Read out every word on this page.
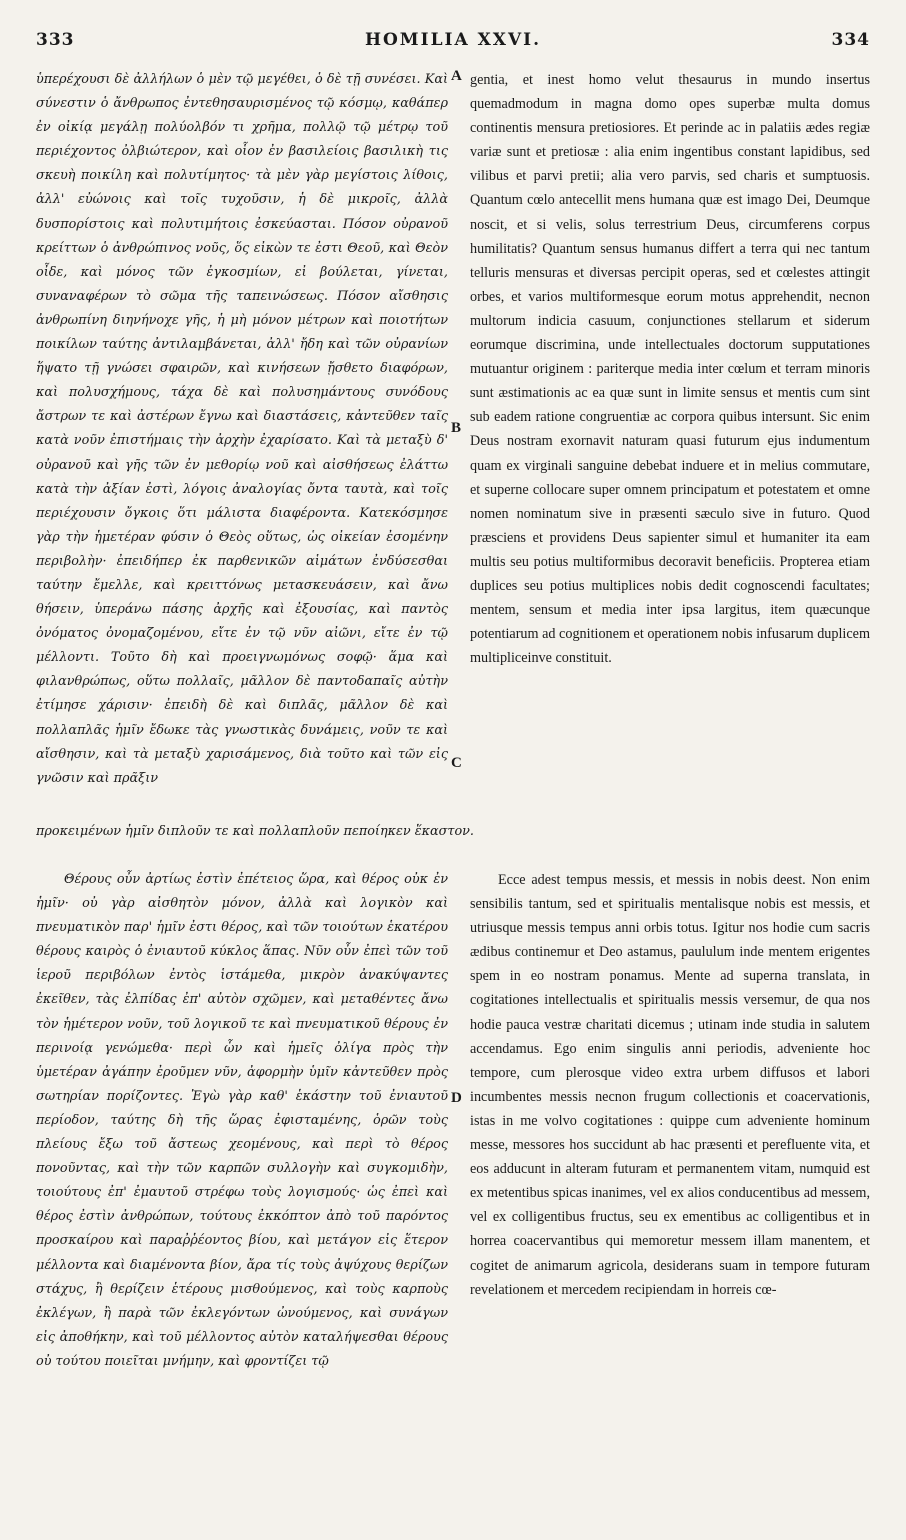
333	HOMILIA XXVI.	334

ὑπερέχουσι δὲ ἀλλήλων ὁ μὲν τῷ μεγέθει, ὁ δὲ τῇ συνέσει. Καὶ σύνεστιν ὁ ἄνθρωπος ἐντεθησαυρισμένος τῷ κόσμῳ, καθάπερ ἐν οἰκίᾳ μεγάλῃ πολύολβόν τι χρῆμα, πολλῷ τῷ μέτρῳ τοῦ περιέχοντος ὀλβιώτερον, καὶ οἷον ἐν βασιλείοις βασιλικὴ τις σκευὴ ποικίλη καὶ πολυτίμητος· τὰ μὲν γὰρ μεγίστοις λίθοις, ἀλλ' εὐώνοις καὶ τοῖς τυχοῦσιν, ἡ δὲ μικροῖς, ἀλλὰ δυσπορίστοις καὶ πολυτιμήτοις ἐσκεύασται. Πόσον οὐρανοῦ κρείττων ὁ ἀνθρώπινος νοῦς, ὅς εἰκὼν τε ἐστι Θεοῦ, καὶ Θεὸν οἶδε, καὶ μόνος τῶν ἐγκοσμίων, εἰ βούλεται, γίνεται, συναναφέρων τὸ σῶμα τῆς ταπεινώσεως. Πόσον αἴσθησις ἀνθρωπίνη διηνήνοχε γῆς, ἡ μὴ μόνον μέτρων καὶ ποιοτήτων ποικίλων ταύτης ἀντιλαμβάνεται, ἀλλ' ἤδη καὶ τῶν οὐρανίων ἥψατο τῇ γνώσει σφαιρῶν, καὶ κινήσεων ᾔσθετο διαφόρων, καὶ πολυσχήμους, τάχα δὲ καὶ πολυσημάντους συνόδους ἄστρων τε καὶ ἀστέρων ἔγνω καὶ διαστάσεις, κἀντεῦθεν ταῖς κατὰ νοῦν ἐπιστήμαις τὴν ἀρχὴν ἐχαρίσατο. Καὶ τὰ μεταξὺ δ' οὐρανοῦ καὶ γῆς τῶν ἐν μεθορίῳ νοῦ καὶ αἰσθήσεως ἐλάττω κατὰ τὴν ἀξίαν ἐστὶ, λόγοις ἀναλογίας ὄντα ταυτὰ, καὶ τοῖς περιέχουσιν ὄγκοις ὅτι μάλιστα διαφέροντα. Κατεκόσμησε γὰρ τὴν ἡμετέραν φύσιν ὁ Θεὸς οὕτως, ὡς οἰκείαν ἐσομένην περιβολὴν· ἐπειδήπερ ἐκ παρθενικῶν αἱμάτων ἐνδύσεσθαι ταύτην ἔμελλε, καὶ κρειττόνως μετασκευάσειν, καὶ ἄνω θήσειν, ὑπεράνω πάσης ἀρχῆς καὶ ἐξουσίας, καὶ παντὸς ὀνόματος ὀνομαζομένου, εἴτε ἐν τῷ νῦν αἰῶνι, εἴτε ἐν τῷ μέλλοντι. Τοῦτο δὴ καὶ προειγνωμόνως σοφῷ· ἅμα καὶ φιλανθρώπως, οὕτω πολλαῖς, μᾶλλον δὲ παντοδαπαῖς αὐτὴν ἐτίμησε χάρισιν· ἐπειδὴ δὲ καὶ διπλᾶς, μᾶλλον δὲ καὶ πολλαπλᾶς ἡμῖν ἔδωκε τὰς γνωστικὰς δυνάμεις, νοῦν τε καὶ αἴσθησιν, καὶ τὰ μεταξὺ χαρισάμενος, διὰ τοῦτο καὶ τῶν εἰς γνῶσιν καὶ πρᾶξιν

gentia, et inest homo velut thesaurus in mundo insertus quemadmodum in magna domo opes superbæ multa domus continentis mensura pretiosiores. Et perinde ac in palatiis ædes regiæ variæ sunt et pretiosæ : alia enim ingentibus constant lapidibus, sed vilibus et parvi pretii; alia vero parvis, sed charis et sumptuosis. Quantum cœlo antecellit mens humana quæ est imago Dei, Deumque noscit, et si velis, solus terrestrium Deus, circumferens corpus humilitatis? Quantum sensus humanus differt a terra qui nec tantum telluris mensuras et diversas percipit operas, sed et cœlestes attingit orbes, et varios multiformesque eorum motus apprehendit, necnon multorum indicia casuum, conjunctiones stellarum et siderum eorumque discrimina, unde intellectuales doctorum supputationes mutuantur originem : pariterque media inter cœlum et terram minoris sunt æstimationis ac ea quæ sunt in limite sensus et mentis cum sint sub eadem ratione congruentiæ ac corpora quibus intersunt. Sic enim Deus nostram exornavit naturam quasi futurum ejus indumentum quam ex virginali sanguine debebat induere et in melius commutare, et superne collocare super omnem principatum et potestatem et omne nomen nominatum sive in præsenti sæculo sive in futuro. Quod præsciens et providens Deus sapienter simul et humaniter ita eam multis seu potius multiformibus decoravit beneficiis. Propterea etiam duplices seu potius multiplices nobis dedit cognoscendi facultates; mentem, sensum et media inter ipsa largitus, item quæcunque potentiarum ad cognitionem et operationem nobis infusarum duplicem multipliceinve constituit.

προκειμένων ἡμῖν διπλοῦν τε καὶ πολλαπλοῦν πεποίηκεν ἕκαστον.

Θέρους οὖν ἀρτίως ἐστὶν ἐπέτειος ὥρα, καὶ θέρος οὐκ ἐν ἡμῖν· οὐ γὰρ αἰσθητὸν μόνον, ἀλλὰ καὶ λογικὸν καὶ πνευματικὸν παρ' ἡμῖν ἐστι θέρος, καὶ τῶν τοιούτων ἑκατέρου θέρους καιρὸς ὁ ἐνιαυτοῦ κύκλος ἅπας. Νῦν οὖν ἐπεὶ τῶν τοῦ ἱεροῦ περιβόλων ἐντὸς ἱστάμεθα, μικρὸν ἀνακύψαντες ἐκεῖθεν, τὰς ἐλπίδας ἐπ' αὐτὸν σχῶμεν, καὶ μεταθέντες ἄνω τὸν ἡμέτερον νοῦν, τοῦ λογικοῦ τε καὶ πνευματικοῦ θέρους ἐν περινοίᾳ γενώμεθα· περὶ ὧν καὶ ἡμεῖς ὀλίγα πρὸς τὴν ὑμετέραν ἀγάπην ἐροῦμεν νῦν, ἀφορμὴν ὑμῖν κἀντεῦθεν πρὸς σωτηρίαν πορίζοντες. Ἐγὼ γὰρ καθ' ἑκάστην τοῦ ἐνιαυτοῦ περίοδον, ταύτης δὴ τῆς ὥρας ἐφισταμένης, ὁρῶν τοὺς πλείους ἔξω τοῦ ἄστεως χεομένους, καὶ περὶ τὸ θέρος πονοῦντας, καὶ τὴν τῶν καρπῶν συλλογὴν καὶ συγκομιδὴν, τοιούτους ἐπ' ἐμαυτοῦ στρέφω τοὺς λογισμούς· ὡς ἐπεὶ καὶ θέρος ἐστὶν ἀνθρώπων, τούτους ἐκκόπτον ἀπὸ τοῦ παρόντος προσκαίρου καὶ παραῤῥέοντος βίου, καὶ μετάγον εἰς ἕτερον μέλλοντα καὶ διαμένοντα βίον, ἄρα τίς τοὺς ἀψύχους θερίζων στάχυς, ἢ θερίζειν ἑτέρους μισθούμενος, καὶ τοὺς καρποὺς ἐκλέγων, ἢ παρὰ τῶν ἐκλεγόντων ὠνούμενος, καὶ συνάγων εἰς ἀποθήκην, καὶ τοῦ μέλλοντος αὐτὸν καταλήψεσθαι θέρους οὐ τούτου ποιεῖται μνήμην, καὶ φροντίζει τῷ

Ecce adest tempus messis, et messis in nobis deest. Non enim sensibilis tantum, sed et spiritualis mentalisque nobis est messis, et utriusque messis tempus anni orbis totus. Igitur nos hodie cum sacris ædibus continemur et Deo astamus, paululum inde mentem erigentes spem in eo nostram ponamus. Mente ad superna translata, in cogitationes intellectualis et spiritualis messis versemur, de qua nos hodie pauca vestræ charitati dicemus ; utinam inde studia in salutem accendamus. Ego enim singulis anni periodis, adveniente hoc tempore, cum plerosque video extra urbem diffusos et labori incumbentes messis necnon frugum collectionis et coacervationis, istas in me volvo cogitationes : quippe cum adveniente hominum messe, messores hos succidunt ab hac præsenti et perefluente vita, et eos adducunt in alteram futuram et permanentem vitam, numquid est ex metentibus spicas inanimes, vel ex alios conducentibus ad messem, vel ex colligentibus fructus, seu ex ementibus ac colligentibus et in horrea coacervantibus qui memoretur messem illam manentem, et cogitet de animarum agricola, desiderans suam in tempore futuram revelationem et mercedem recipiendam in horreis cœ-

A
B
C
D
